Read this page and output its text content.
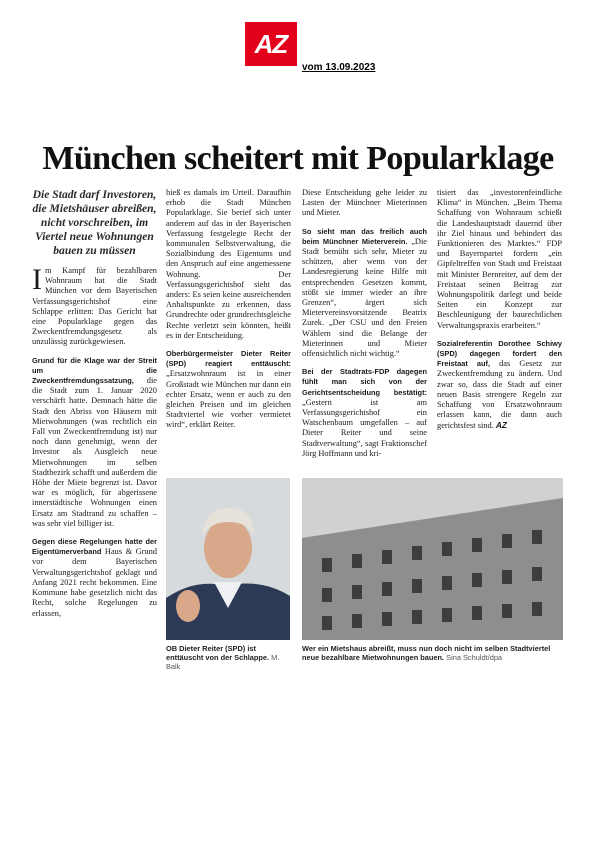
AZ
vom 13.09.2023
München scheitert mit Popularklage

Die Stadt darf Investoren, die Mietshäuser abreißen, nicht vorschreiben, im Viertel neue Wohnungen bauen zu müssen

Im Kampf für bezahlbaren Wohnraum hat die Stadt München vor dem Bayerischen Verfassungsgerichtshof eine Schlappe erlitten: Das Gericht hat eine Popularklage gegen das Zweckentfremdungsgesetz als unzulässig zurückgewiesen.

Grund für die Klage war der Streit um die Zweckentfremdungssatzung, die die Stadt zum 1. Januar 2020 verschärft hatte. Demnach hätte die Stadt den Abriss von Häusern mit Mietwohnungen (was rechtlich ein Fall von Zweckentfremdung ist) nur noch dann genehmigt, wenn der Investor als Ausgleich neue Mietwohnungen im selben Stadtbezirk schafft und außerdem die Höhe der Miete begrenzt ist. Davor war es möglich, für abgerissene innerstädtische Wohnungen einen Ersatz am Stadtrand zu schaffen – was sehr viel billiger ist.

Gegen diese Regelungen hatte der Eigentümerverband Haus & Grund vor dem Bayerischen Verwaltungsgerichtshof geklagt und Anfang 2021 recht bekommen. Eine Kommune habe gesetzlich nicht das Recht, solche Regelungen zu erlassen,

hieß es damals im Urteil. Daraufhin erhob die Stadt München Popularklage. Sie berief sich unter anderem auf das in der Bayerischen Verfassung festgelegte Recht der kommunalen Selbstverwaltung, die Sozialbindung des Eigentums und den Anspruch auf eine angemessene Wohnung. Der Verfassungsgerichtshof sieht das anders: Es seien keine ausreichenden Anhaltspunkte zu erkennen, dass Grundrechte oder grundrechtsgleiche Rechte verletzt sein könnten, heißt es in der Entscheidung.

Oberbürgermeister Dieter Reiter (SPD) reagiert enttäuscht: „Ersatzwohnraum ist in einer Großstadt wie München nur dann ein echter Ersatz, wenn er auch zu den gleichen Preisen und im gleichen Stadtviertel wie vorher vermietet wird“, erklärt Reiter.

Diese Entscheidung gehe leider zu Lasten der Münchner Mieterinnen und Mieter.

So sieht man das freilich auch beim Münchner Mieterverein. „Die Stadt bemüht sich sehr, Mieter zu schützen, aber wenn von der Landesregierung keine Hilfe mit entsprechenden Gesetzen kommt, stößt sie immer wieder an ihre Grenzen“, ärgert sich Mietervereinsvorsitzende Beatrix Zurek. „Der CSU und den Freien Wählern sind die Belange der Mieterinnen und Mieter offensichtlich nicht wichtig.“

Bei der Stadtrats-FDP dagegen fühlt man sich von der Gerichtsentscheidung bestätigt: „Gestern ist am Verfassungsgerichtshof ein Watschenbaum umgefallen – auf Dieter Reiter und seine Stadtverwaltung“, sagt Fraktionschef Jörg Hoffmann und kri-

tisiert das „investorenfeindliche Klima“ in München. „Beim Thema Schaffung von Wohnraum schießt die Landeshauptstadt dauernd über ihr Ziel hinaus und behindert das Funktionieren des Marktes.“ FDP und Bayernpartei fordern „ein Gipfeltreffen von Stadt und Freistaat mit Minister Bernreiter, auf dem der Freistaat seinen Beitrag zur Wohnungspolitik darlegt und beide Seiten ein Konzept zur Beschleunigung der baurechtlichen Verwaltungspraxis erarbeiten.“

Sozialreferentin Dorothee Schiwy (SPD) dagegen fordert den Freistaat auf, das Gesetz zur Zweckentfremdung zu ändern. Und zwar so, dass die Stadt auf einer neuen Basis strengere Regeln zur Schaffung von Ersatzwohnraum erlassen kann, die dann auch gerichtsfest sind. AZ

OB Dieter Reiter (SPD) ist enttäuscht von der Schlappe. M. Balk
Wer ein Mietshaus abreißt, muss nun doch nicht im selben Stadtviertel neue bezahlbare Mietwohnungen bauen. Sina Schuldt/dpa
